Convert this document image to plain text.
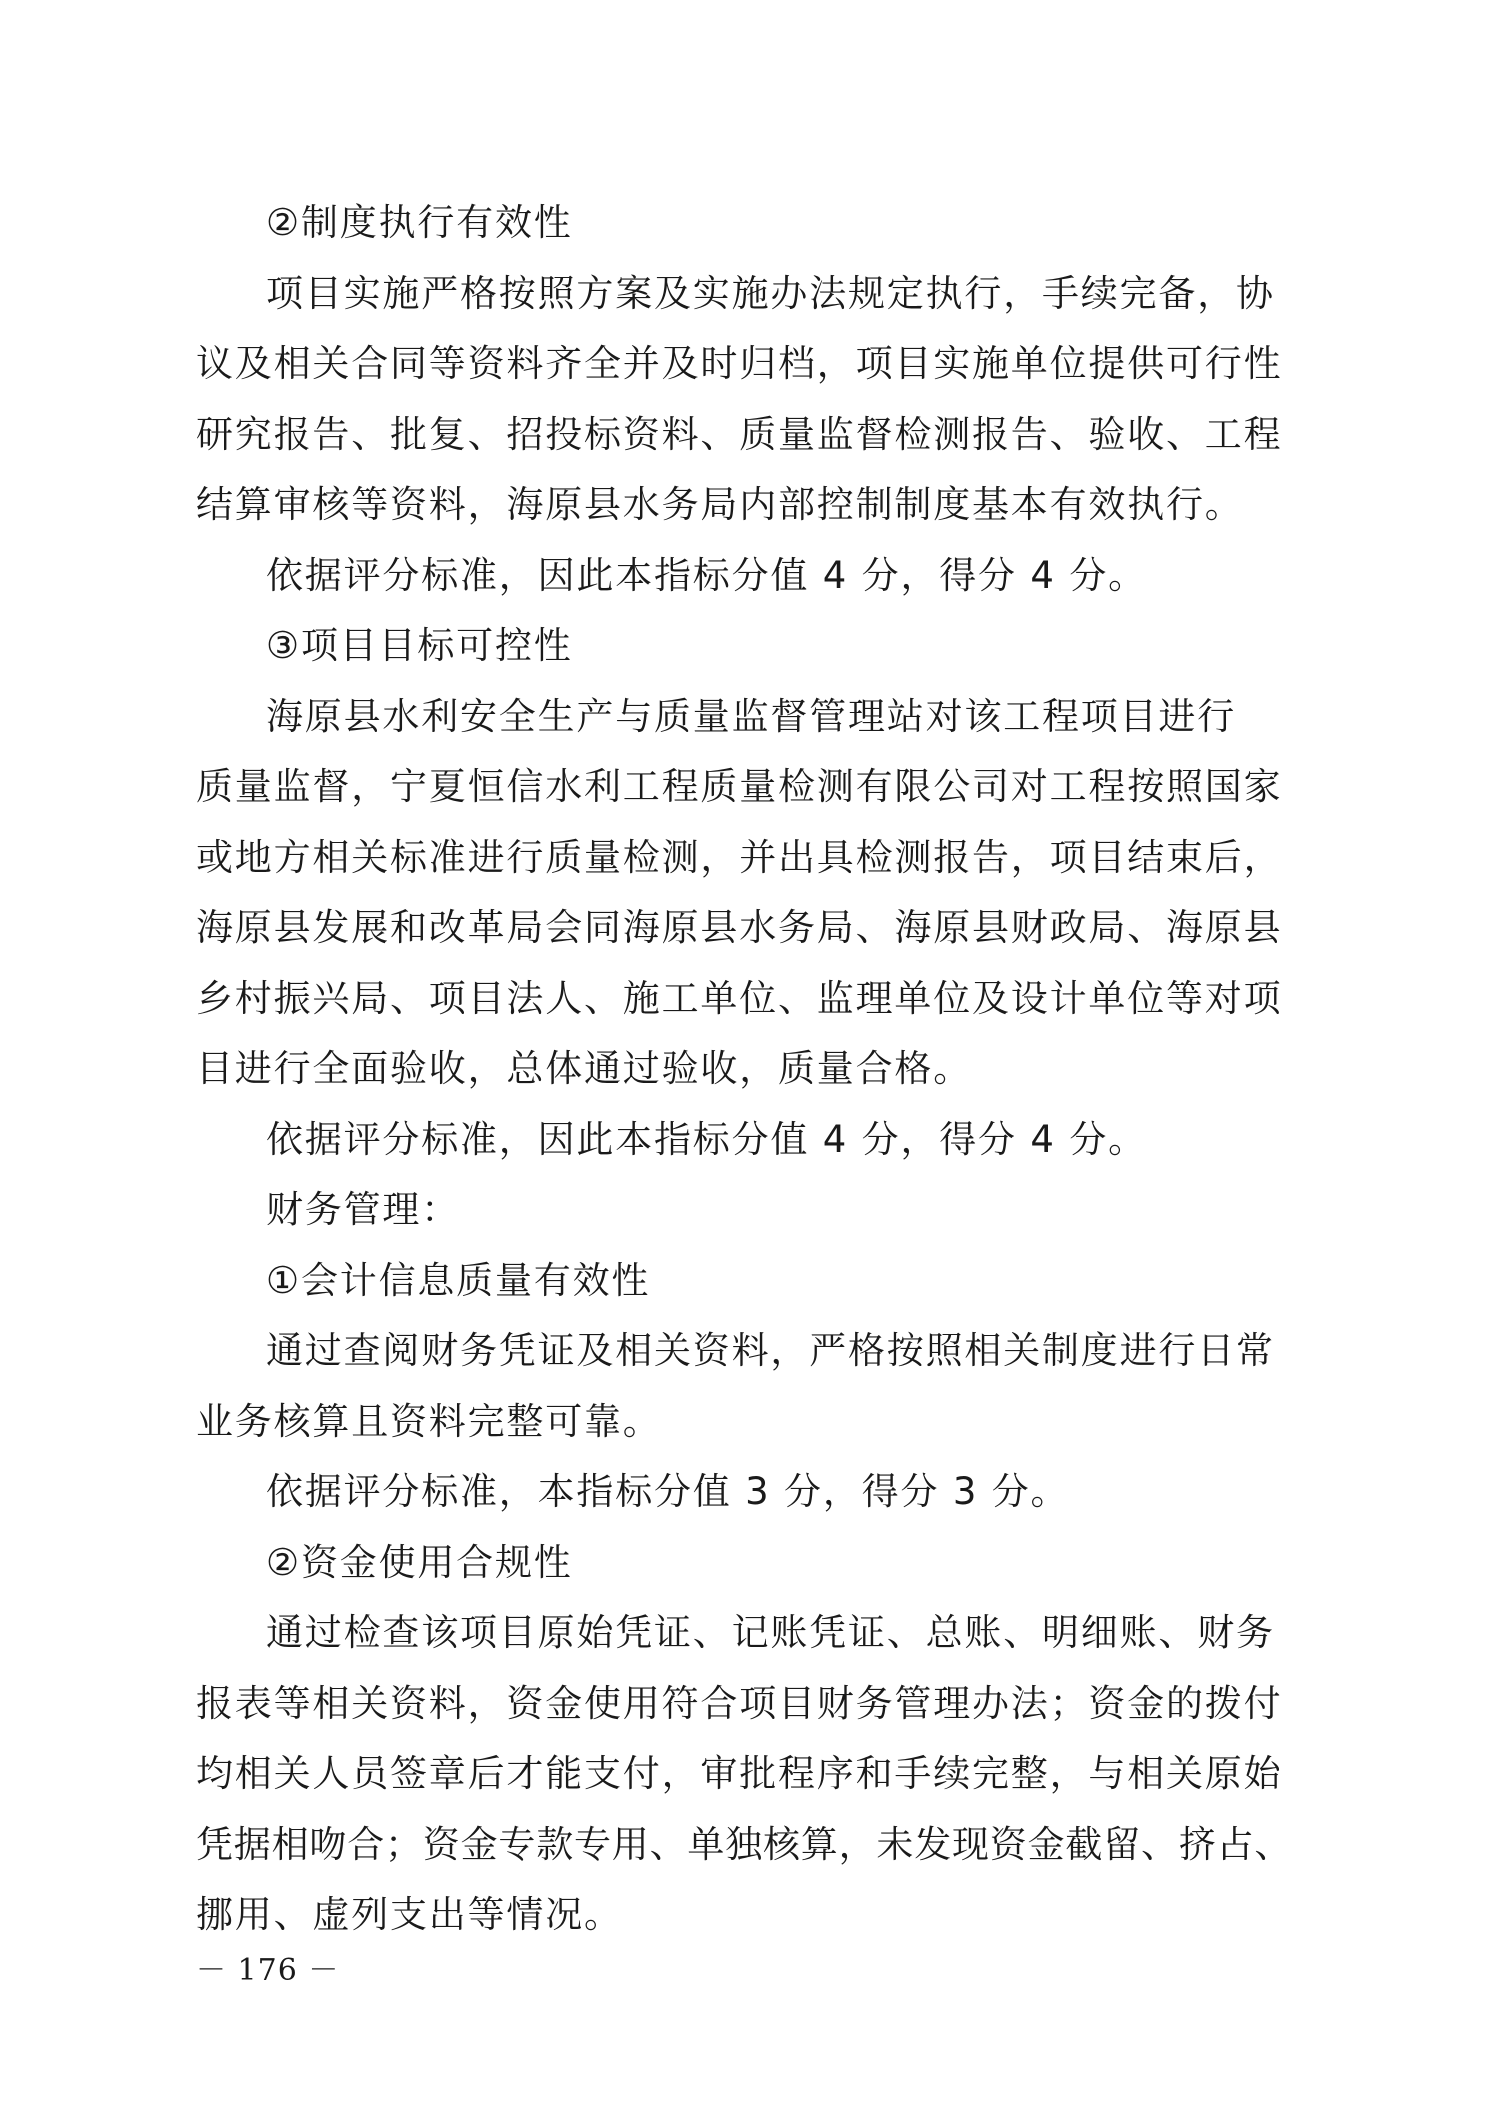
②制度执行有效性
项目实施严格按照方案及实施办法规定执行，手续完备，协
议及相关合同等资料齐全并及时归档，项目实施单位提供可行性
研究报告、批复、招投标资料、质量监督检测报告、验收、工程
结算审核等资料，海原县水务局内部控制制度基本有效执行。
依据评分标准，因此本指标分值 4 分，得分 4 分。
③项目目标可控性
海原县水利安全生产与质量监督管理站对该工程项目进行
质量监督，宁夏恒信水利工程质量检测有限公司对工程按照国家
或地方相关标准进行质量检测，并出具检测报告，项目结束后，
海原县发展和改革局会同海原县水务局、海原县财政局、海原县
乡村振兴局、项目法人、施工单位、监理单位及设计单位等对项
目进行全面验收，总体通过验收，质量合格。
依据评分标准，因此本指标分值 4 分，得分 4 分。
财务管理：
①会计信息质量有效性
通过查阅财务凭证及相关资料，严格按照相关制度进行日常
业务核算且资料完整可靠。
依据评分标准，本指标分值 3 分，得分 3 分。
②资金使用合规性
通过检查该项目原始凭证、记账凭证、总账、明细账、财务
报表等相关资料，资金使用符合项目财务管理办法；资金的拨付
均相关人员签章后才能支付，审批程序和手续完整，与相关原始
凭据相吻合；资金专款专用、单独核算，未发现资金截留、挤占、
挪用、虚列支出等情况。
－ 176 －
